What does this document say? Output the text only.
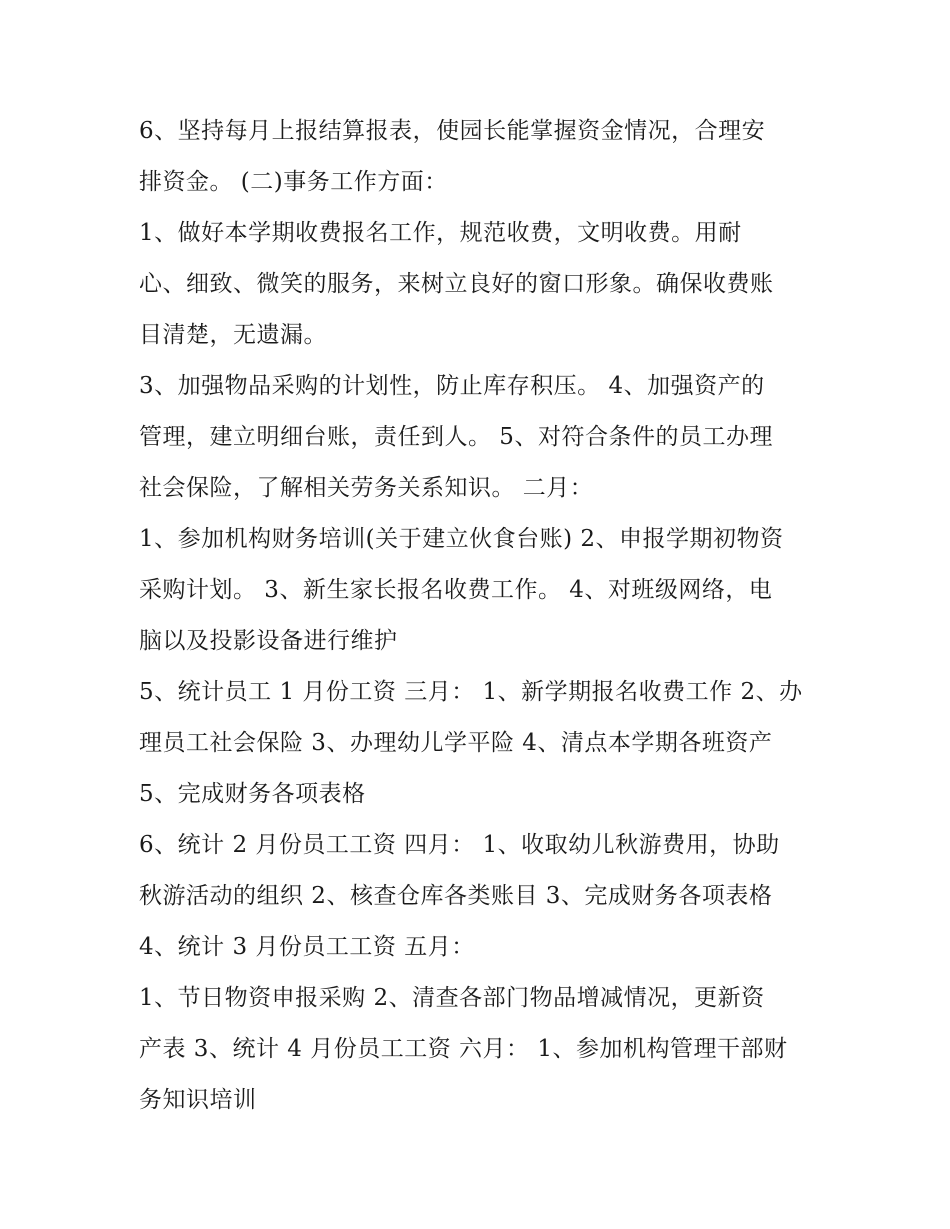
6、坚持每月上报结算报表，使园长能掌握资金情况，合理安
排资金。 (二)事务工作方面：
1、做好本学期收费报名工作，规范收费，文明收费。用耐
心、细致、微笑的服务，来树立良好的窗口形象。确保收费账
目清楚，无遗漏。
3、加强物品采购的计划性，防止库存积压。 4、加强资产的
管理，建立明细台账，责任到人。 5、对符合条件的员工办理
社会保险，了解相关劳务关系知识。 二月：
1、参加机构财务培训(关于建立伙食台账) 2、申报学期初物资
采购计划。 3、新生家长报名收费工作。 4、对班级网络，电
脑以及投影设备进行维护
5、统计员工 1 月份工资 三月： 1、新学期报名收费工作 2、办
理员工社会保险 3、办理幼儿学平险 4、清点本学期各班资产
5、完成财务各项表格
6、统计 2 月份员工工资 四月： 1、收取幼儿秋游费用，协助
秋游活动的组织 2、核查仓库各类账目 3、完成财务各项表格
4、统计 3 月份员工工资 五月：
1、节日物资申报采购 2、清查各部门物品增减情况，更新资
产表 3、统计 4 月份员工工资 六月： 1、参加机构管理干部财
务知识培训
